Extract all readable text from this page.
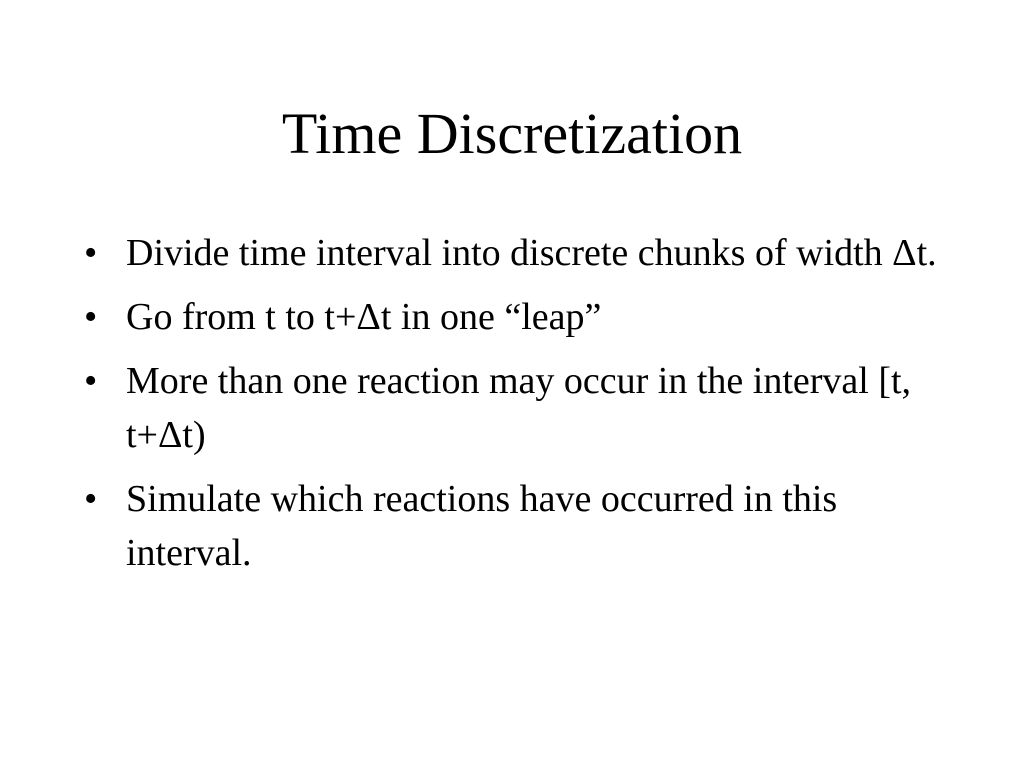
Time Discretization
• Divide time interval into discrete chunks of width Δt.
• Go from t to t+Δt in one “leap”
• More than one reaction may occur in the interval [t, t+Δt)
• Simulate which reactions have occurred in this interval.
